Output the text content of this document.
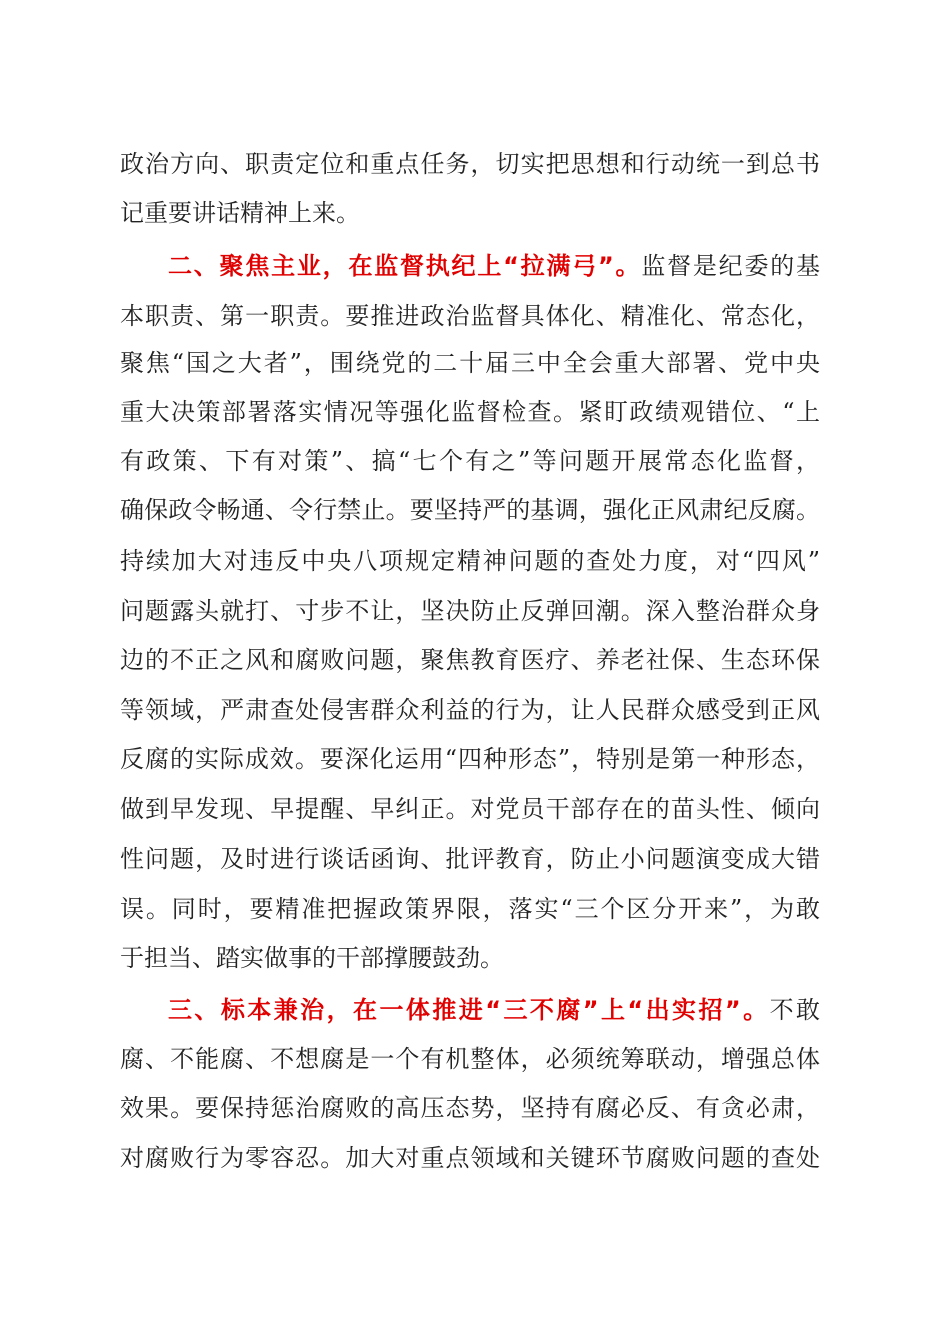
政治方向、职责定位和重点任务，切实把思想和行动统一到总书
记重要讲话精神上来。
二、聚焦主业，在监督执纪上“拉满弓”。监督是纪委的基
本职责、第一职责。要推进政治监督具体化、精准化、常态化，
聚焦“国之大者”，围绕党的二十届三中全会重大部署、党中央
重大决策部署落实情况等强化监督检查。紧盯政绩观错位、“上
有政策、下有对策”、搞“七个有之”等问题开展常态化监督，
确保政令畅通、令行禁止。要坚持严的基调，强化正风肃纪反腐。
持续加大对违反中央八项规定精神问题的查处力度，对“四风”
问题露头就打、寸步不让，坚决防止反弹回潮。深入整治群众身
边的不正之风和腐败问题，聚焦教育医疗、养老社保、生态环保
等领域，严肃查处侵害群众利益的行为，让人民群众感受到正风
反腐的实际成效。要深化运用“四种形态”，特别是第一种形态，
做到早发现、早提醒、早纠正。对党员干部存在的苗头性、倾向
性问题，及时进行谈话函询、批评教育，防止小问题演变成大错
误。同时，要精准把握政策界限，落实“三个区分开来”，为敢
于担当、踏实做事的干部撑腰鼓劲。
三、标本兼治，在一体推进“三不腐”上“出实招”。不敢
腐、不能腐、不想腐是一个有机整体，必须统筹联动，增强总体
效果。要保持惩治腐败的高压态势，坚持有腐必反、有贪必肃，
对腐败行为零容忍。加大对重点领域和关键环节腐败问题的查处
